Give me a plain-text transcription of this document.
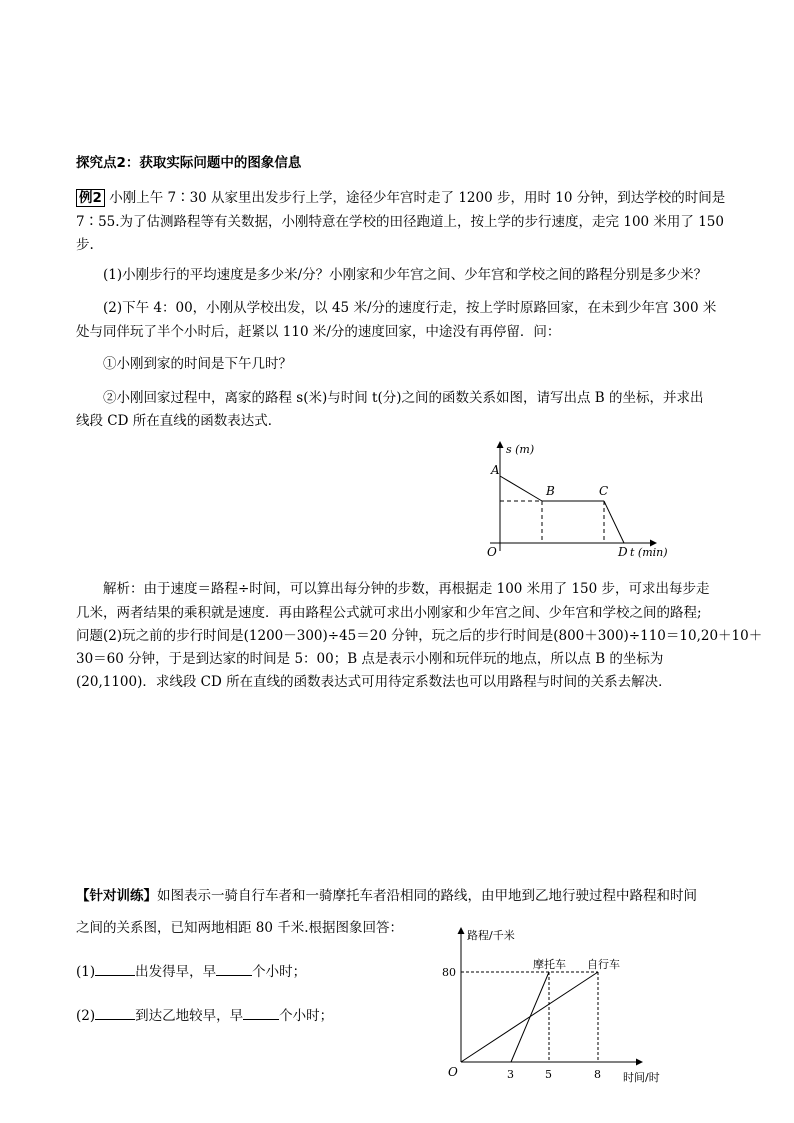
探究点2：获取实际问题中的图象信息
例2 小刚上午 7∶30 从家里出发步行上学，途径少年宫时走了 1200 步，用时 10 分钟，到达学校的时间是
7∶55.为了估测路程等有关数据，小刚特意在学校的田径跑道上，按上学的步行速度，走完 100 米用了 150
步.
(1)小刚步行的平均速度是多少米/分？小刚家和少年宫之间、少年宫和学校之间的路程分别是多少米？
(2)下午 4：00，小刚从学校出发，以 45 米/分的速度行走，按上学时原路回家，在未到少年宫 300 米
处与同伴玩了半个小时后，赶紧以 110 米/分的速度回家，中途没有再停留．问：
①小刚到家的时间是下午几时？
②小刚回家过程中，离家的路程 s(米)与时间 t(分)之间的函数关系如图，请写出点 B 的坐标，并求出
线段 CD 所在直线的函数表达式．
s (m)
A
B	C
O	D t (min)
解析：由于速度＝路程÷时间，可以算出每分钟的步数，再根据走 100 米用了 150 步，可求出每步走
几米，两者结果的乘积就是速度．再由路程公式就可求出小刚家和少年宫之间、少年宫和学校之间的路程;
问题(2)玩之前的步行时间是(1200－300)÷45＝20 分钟，玩之后的步行时间是(800＋300)÷110＝10,20＋10＋
30＝60 分钟，于是到达家的时间是 5：00；B 点是表示小刚和玩伴玩的地点，所以点 B 的坐标为
(20,1100)．求线段 CD 所在直线的函数表达式可用待定系数法也可以用路程与时间的关系去解决．
【针对训练】如图表示一骑自行车者和一骑摩托车者沿相同的路线，由甲地到乙地行驶过程中路程和时间
之间的关系图，已知两地相距 80 千米.根据图象回答：
(1)	出发得早，早	个小时；
(2)	到达乙地较早，早	个小时；
路程/千米
80
摩托车 自行车
O	3	5	8 时间/时
